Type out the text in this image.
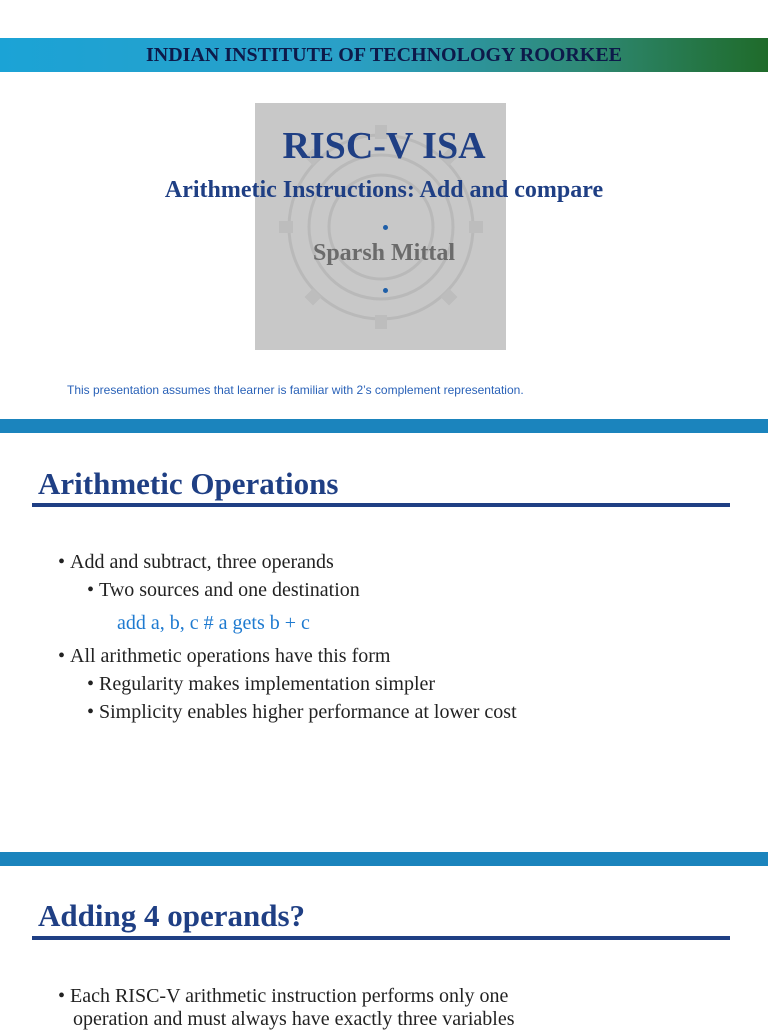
INDIAN INSTITUTE OF TECHNOLOGY ROORKEE
RISC-V ISA
Arithmetic Instructions: Add and compare
Sparsh Mittal
This presentation assumes that learner is familiar with 2’s complement representation.
Arithmetic Operations
• Add and subtract, three operands
• Two sources and one destination
add a, b, c # a gets b + c
• All arithmetic operations have this form
• Regularity makes implementation simpler
• Simplicity enables higher performance at lower cost
Adding 4 operands?
• Each RISC-V arithmetic instruction performs only one
operation and must always have exactly three variables
